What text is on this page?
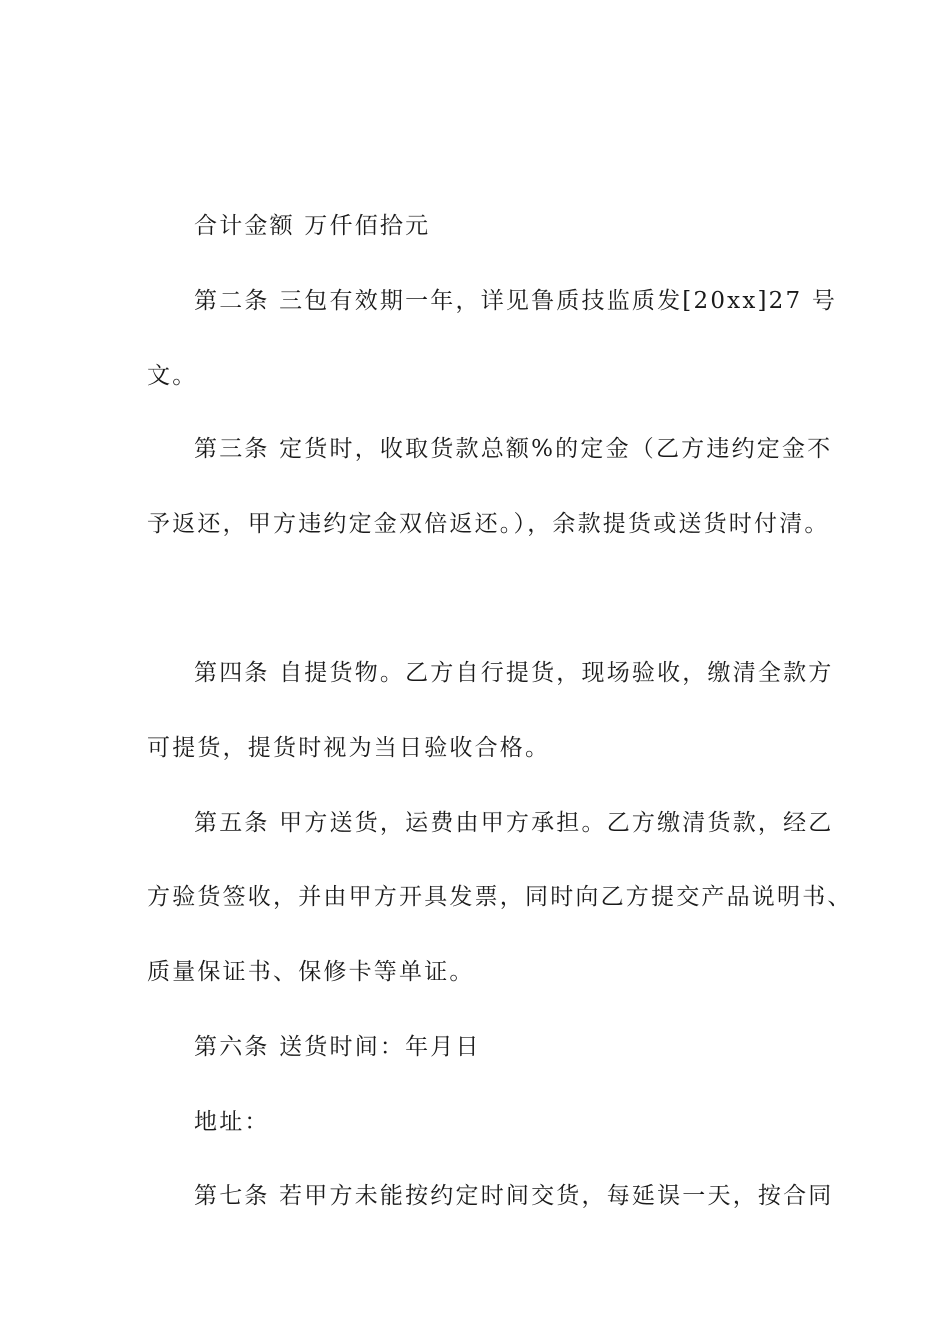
合计金额 万仟佰拾元
第二条 三包有效期一年，详见鲁质技监质发[20xx]27 号
文。
第三条 定货时，收取货款总额%的定金（乙方违约定金不
予返还，甲方违约定金双倍返还。），余款提货或送货时付清。
第四条 自提货物。乙方自行提货，现场验收，缴清全款方
可提货，提货时视为当日验收合格。
第五条 甲方送货，运费由甲方承担。乙方缴清货款，经乙
方验货签收，并由甲方开具发票，同时向乙方提交产品说明书、
质量保证书、保修卡等单证。
第六条 送货时间：年月日
地址：
第七条 若甲方未能按约定时间交货，每延误一天，按合同
